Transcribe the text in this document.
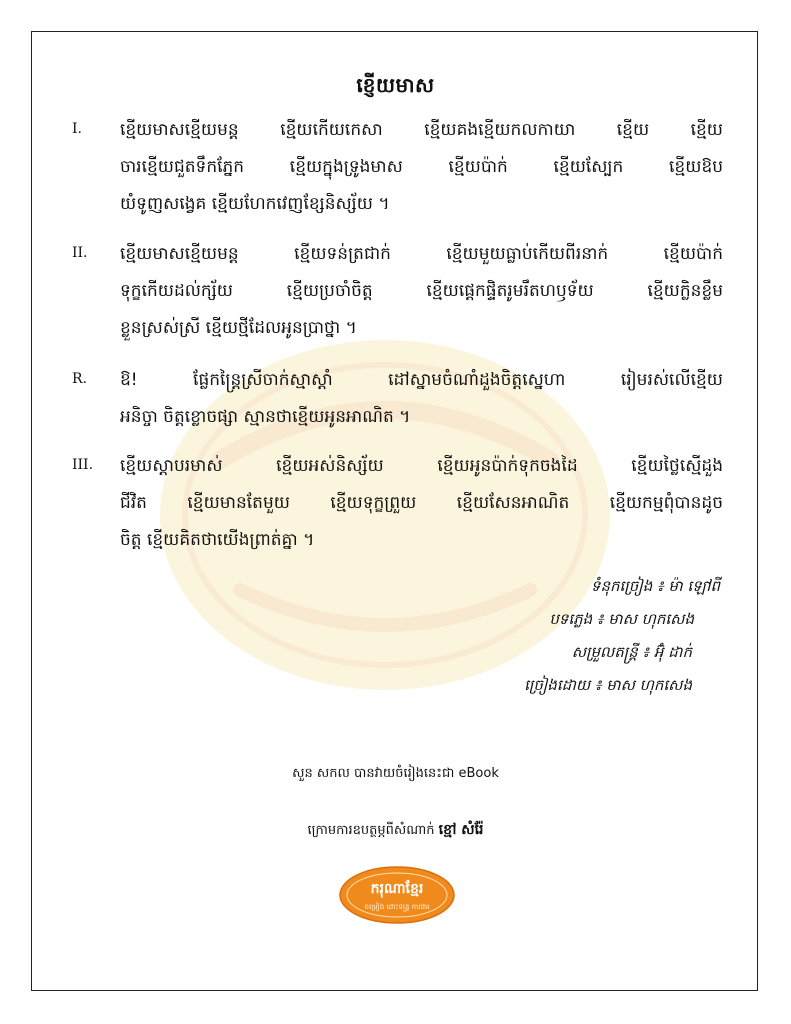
ខ្ញើយមាស
I.	ខ្មើយមាសខ្មើយមន្ត ខ្មើយកើយកេសា ខ្មើយគងខ្មើយកលកាយា ខ្មើយ ខ្មើយ
ចារខ្មើយជួតទឹកភ្នែក ខ្មើយក្នុងទ្រូងមាស ខ្មើយប៉ាក់ ខ្មើយស្បែក ខ្មើយឱប
យំទូញសង្វេគ ខ្មើយហែកវេញខ្សែនិស្ស័យ ។
II.	ខ្មើយមាសខ្មើយមន្ត ខ្មើយទន់ត្រជាក់ ខ្មើយមួយធ្លាប់កើយពីរនាក់ ខ្មើយប៉ាក់
ទុក្ខកើយដល់ក្ស័យ ខ្មើយប្រចាំចិត្ត ខ្មើយផ្តេកផ្ទិតរូមរឹតហឫទ័យ ខ្មើយក្លិនខ្លឹម
ខ្លួនស្រស់ស្រី ខ្មើយថ្មីដែលអូនប្រាថ្នា ។
R.	ឱ! ផ្លែកន្ត្រៃស្រីចាក់ស្មាស្តាំ ដៅស្នាមចំណាំដួងចិត្តស្នេហា រៀមរស់លើខ្មើយ
អនិច្ចា ចិត្តខ្លោចផ្សា ស្មានថាខ្មើយអូនអាណិត ។
III.	ខ្មើយស្តាបរមាស់ ខ្មើយអស់និស្ស័យ ខ្មើយអូនប៉ាក់ទុកចងដៃ ខ្មើយថ្លៃស្មើដួង
ជីវិត ខ្មើយមានតែមួយ ខ្មើយទុក្ខព្រួយ ខ្មើយសែនអាណិត ខ្មើយកម្មពុំបានដូច
ចិត្ត ខ្មើយគិតថាយើងព្រាត់គ្នា ។
ទំនុកច្រៀង ៖ ម៉ា ឡៅពី
បទភ្លេង ៖ មាស ហុកសេង
សម្រួលតន្ត្រី ៖ អ៊ុំ ដាក់
ច្រៀងដោយ ៖ មាស ហុកសេង
សួន សកល បានវាយចំរៀងនេះជា eBook
ក្រោមការឧបត្ថម្ភពីសំណាក់ ខ្មៅ សំរ៉ែ
ករុណាខ្មែរ
ចម្រៀង ដោះទន្ទ្រ ការងារ
